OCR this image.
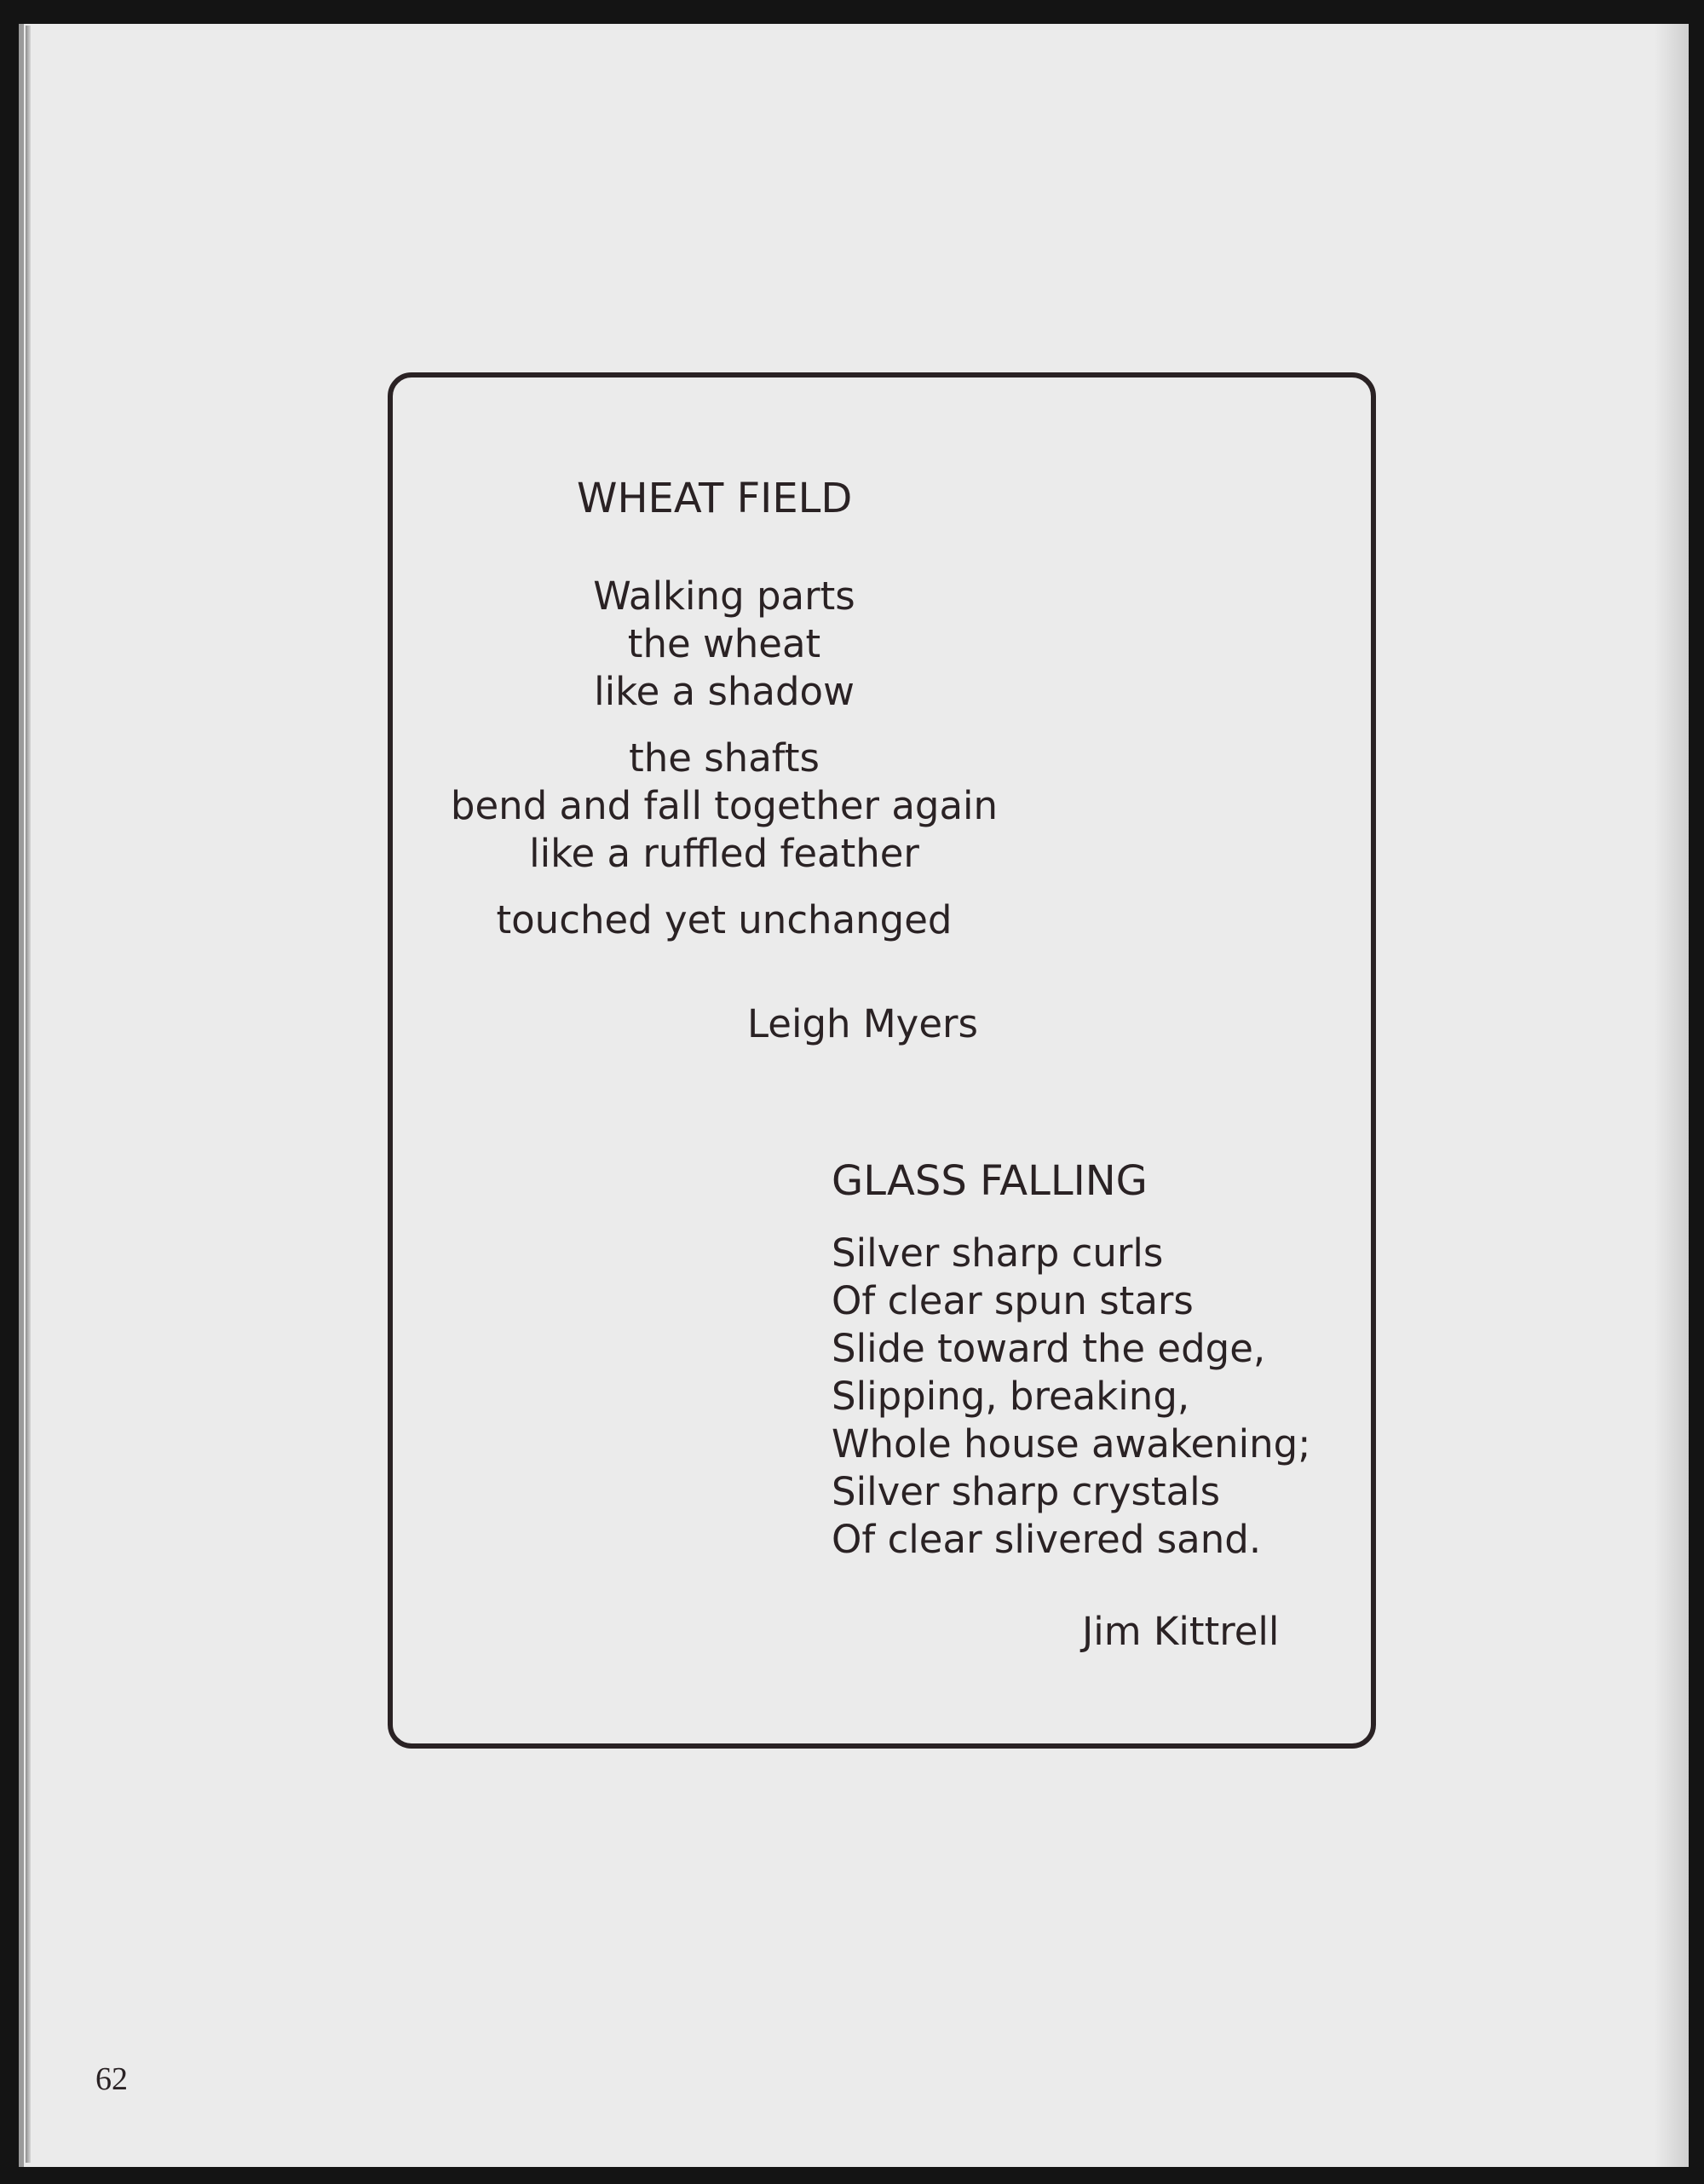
WHEAT FIELD
Walking parts
the wheat
like a shadow
the shafts
bend and fall together again
like a ruffled feather
touched yet unchanged
Leigh Myers
GLASS FALLING
Silver sharp curls
Of clear spun stars
Slide toward the edge,
Slipping, breaking,
Whole house awakening;
Silver sharp crystals
Of clear slivered sand.
Jim Kittrell
62
